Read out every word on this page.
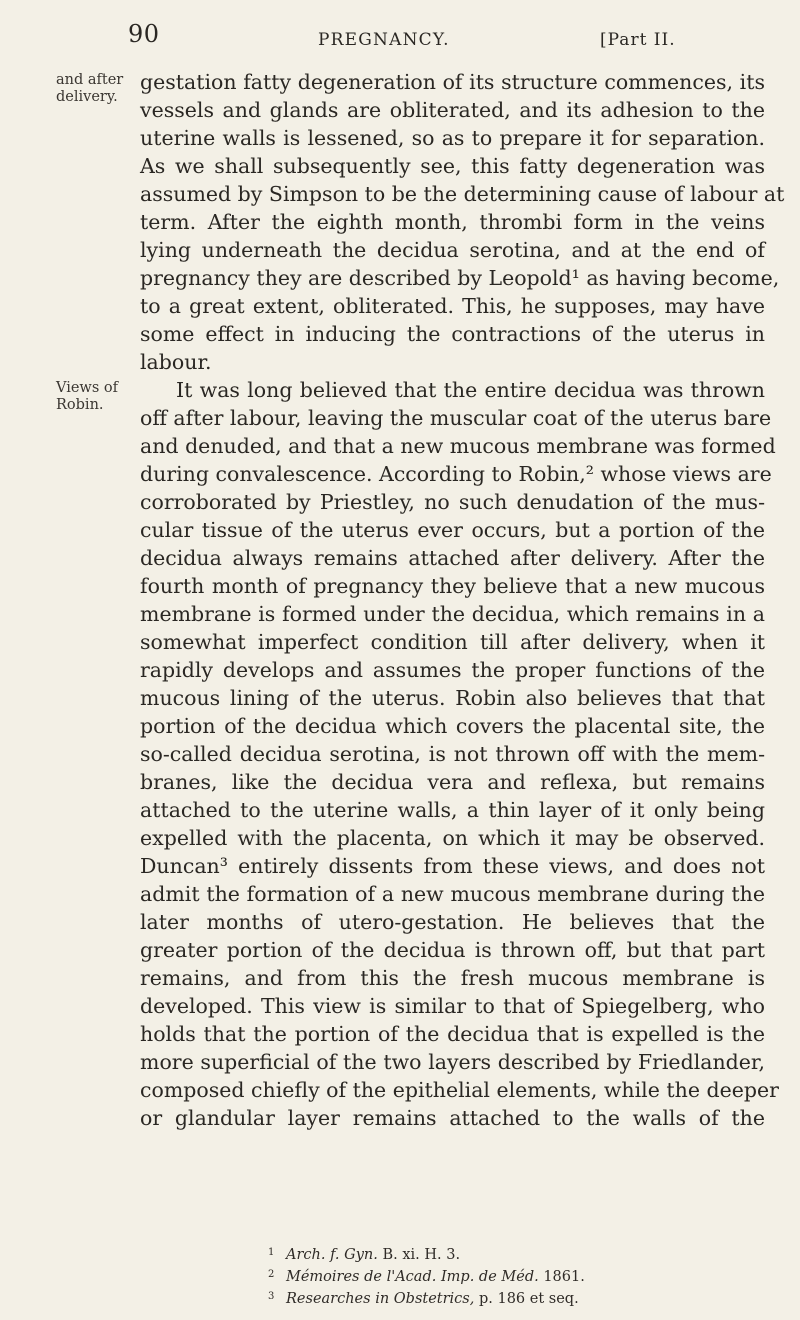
90	PREGNANCY.	[Part II.
and after
delivery.
Views of
Robin.
gestation fatty degeneration of its structure commences, its
vessels and glands are obliterated, and its adhesion to the
uterine walls is lessened, so as to prepare it for separation.
As we shall subsequently see, this fatty degeneration was
assumed by Simpson to be the determining cause of labour at
term. After the eighth month, thrombi form in the veins
lying underneath the decidua serotina, and at the end of
pregnancy they are described by Leopold¹ as having become,
to a great extent, obliterated. This, he supposes, may have
some effect in inducing the contractions of the uterus in
labour.
It was long believed that the entire decidua was thrown
off after labour, leaving the muscular coat of the uterus bare
and denuded, and that a new mucous membrane was formed
during convalescence. According to Robin,² whose views are
corroborated by Priestley, no such denudation of the mus-
cular tissue of the uterus ever occurs, but a portion of the
decidua always remains attached after delivery. After the
fourth month of pregnancy they believe that a new mucous
membrane is formed under the decidua, which remains in a
somewhat imperfect condition till after delivery, when it
rapidly develops and assumes the proper functions of the
mucous lining of the uterus. Robin also believes that that
portion of the decidua which covers the placental site, the
so-called decidua serotina, is not thrown off with the mem-
branes, like the decidua vera and reflexa, but remains
attached to the uterine walls, a thin layer of it only being
expelled with the placenta, on which it may be observed.
Duncan³ entirely dissents from these views, and does not
admit the formation of a new mucous membrane during the
later months of utero-gestation. He believes that the
greater portion of the decidua is thrown off, but that part
remains, and from this the fresh mucous membrane is
developed. This view is similar to that of Spiegelberg, who
holds that the portion of the decidua that is expelled is the
more superficial of the two layers described by Friedlander,
composed chiefly of the epithelial elements, while the deeper
or glandular layer remains attached to the walls of the
1 Arch. f. Gyn. B. xi. H. 3.
2 Mémoires de l'Acad. Imp. de Méd. 1861.
3 Researches in Obstetrics, p. 186 et seq.
